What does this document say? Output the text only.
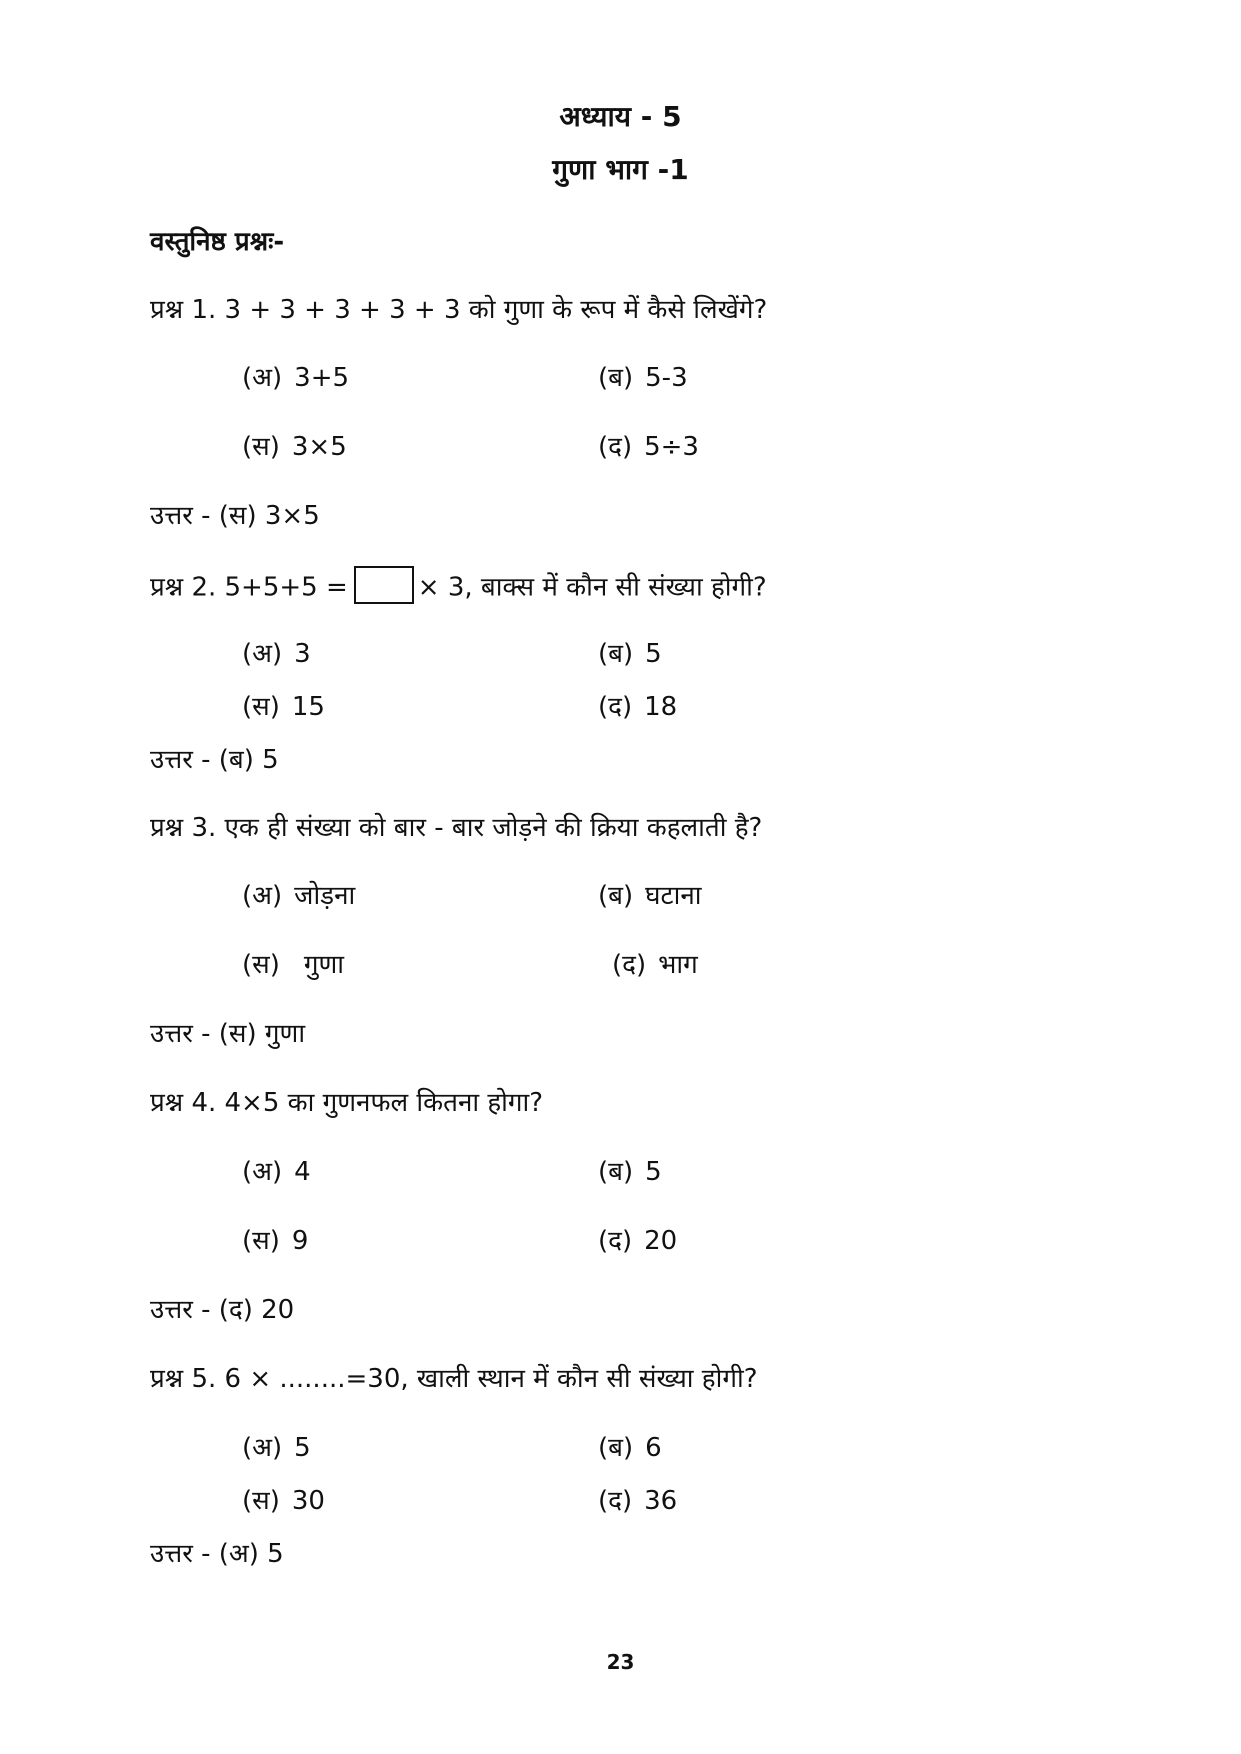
अध्याय - 5
गुणा भाग -1
वस्तुनिष्ठ प्रश्नः-
प्रश्न 1. 3 + 3 + 3 + 3 + 3 को गुणा के रूप में कैसे लिखेंगे?
(अ) 3+5	(ब) 5-3
(स) 3×5	(द) 5÷3
उत्तर - (स) 3×5
प्रश्न 2. 5+5+5 =	× 3, बाक्स में कौन सी संख्या होगी?
(अ) 3	(ब) 5
(स) 15	(द) 18
उत्तर - (ब) 5
प्रश्न 3. एक ही संख्या को बार - बार जोड़ने की क्रिया कहलाती है?
(अ) जोड़ना	(ब) घटाना
(स) गुणा	(द) भाग
उत्तर - (स) गुणा
प्रश्न 4. 4×5 का गुणनफल कितना होगा?
(अ) 4	(ब) 5
(स) 9	(द) 20
उत्तर - (द) 20
प्रश्न 5. 6 × ........=30, खाली स्थान में कौन सी संख्या होगी?
(अ) 5	(ब) 6
(स) 30	(द) 36
उत्तर - (अ) 5
23
